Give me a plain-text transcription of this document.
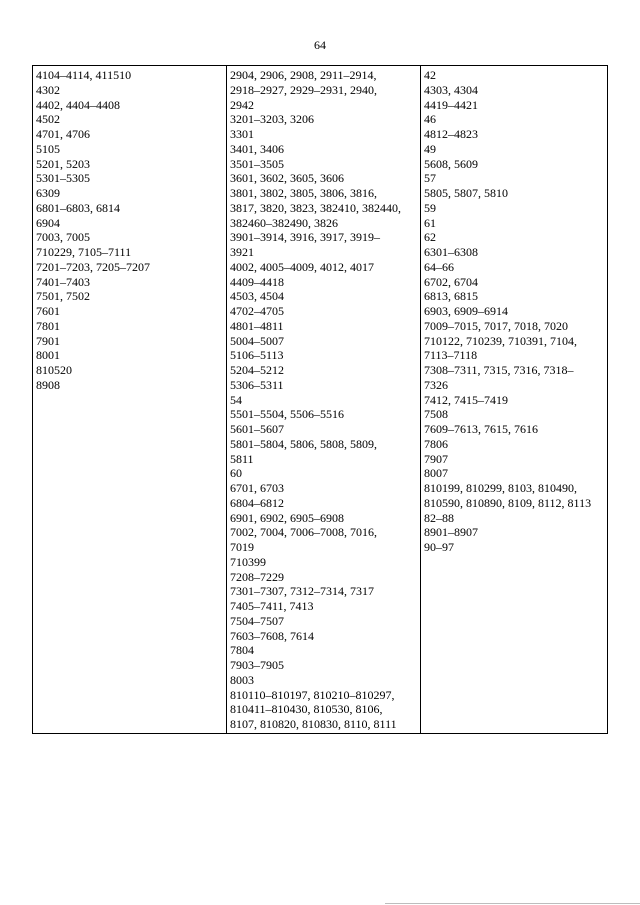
64
4104–4114, 411510
4302
4402, 4404–4408
4502
4701, 4706
5105
5201, 5203
5301–5305
6309
6801–6803, 6814
6904
7003, 7005
710229, 7105–7111
7201–7203, 7205–7207
7401–7403
7501, 7502
7601
7801
7901
8001
810520
8908
2904, 2906, 2908, 2911–2914,
2918–2927, 2929–2931, 2940,
2942
3201–3203, 3206
3301
3401, 3406
3501–3505
3601, 3602, 3605, 3606
3801, 3802, 3805, 3806, 3816,
3817, 3820, 3823, 382410, 382440,
382460–382490, 3826
3901–3914, 3916, 3917, 3919–
3921
4002, 4005–4009, 4012, 4017
4409–4418
4503, 4504
4702–4705
4801–4811
5004–5007
5106–5113
5204–5212
5306–5311
54
5501–5504, 5506–5516
5601–5607
5801–5804, 5806, 5808, 5809,
5811
60
6701, 6703
6804–6812
6901, 6902, 6905–6908
7002, 7004, 7006–7008, 7016,
7019
710399
7208–7229
7301–7307, 7312–7314, 7317
7405–7411, 7413
7504–7507
7603–7608, 7614
7804
7903–7905
8003
810110–810197, 810210–810297,
810411–810430, 810530, 8106,
8107, 810820, 810830, 8110, 8111
42
4303, 4304
4419–4421
46
4812–4823
49
5608, 5609
57
5805, 5807, 5810
59
61
62
6301–6308
64–66
6702, 6704
6813, 6815
6903, 6909–6914
7009–7015, 7017, 7018, 7020
710122, 710239, 710391, 7104,
7113–7118
7308–7311, 7315, 7316, 7318–
7326
7412, 7415–7419
7508
7609–7613, 7615, 7616
7806
7907
8007
810199, 810299, 8103, 810490,
810590, 810890, 8109, 8112, 8113
82–88
8901–8907
90–97
